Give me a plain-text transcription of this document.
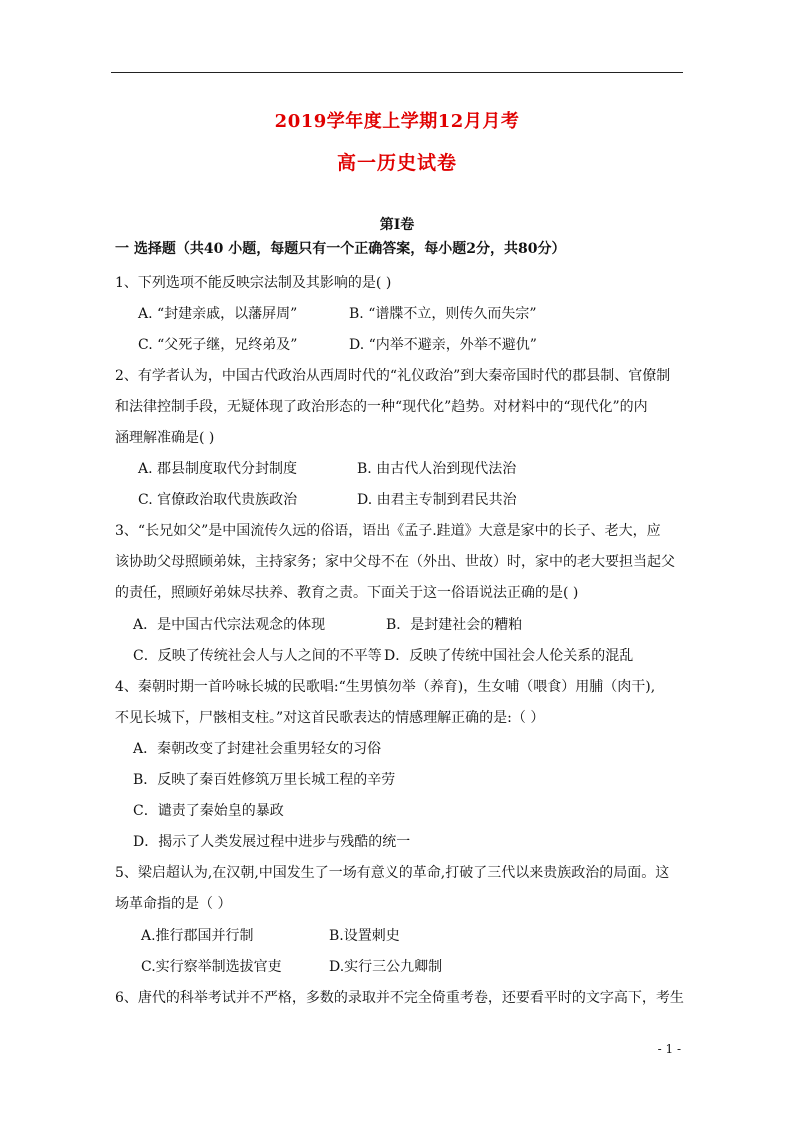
2019学年度上学期12月月考
高一历史试卷
第I卷
一 选择题（共40 小题，每题只有一个正确答案，每小题2分，共80分）
1、下列选项不能反映宗法制及其影响的是( )
A. “封建亲戚，以藩屏周”	B. “谱牒不立，则传久而失宗”
C. “父死子继，兄终弟及”	D. “内举不避亲，外举不避仇”
2、有学者认为，中国古代政治从西周时代的“礼仪政治”到大秦帝国时代的郡县制、官僚制
和法律控制手段，无疑体现了政治形态的一种“现代化”趋势。对材料中的“现代化”的内
涵理解准确是( )
A. 郡县制度取代分封制度	B. 由古代人治到现代法治
C. 官僚政治取代贵族政治	D. 由君主专制到君民共治
3、“长兄如父”是中国流传久远的俗语，语出《孟子.跬道》大意是家中的长子、老大，应
该协助父母照顾弟妹，主持家务；家中父母不在（外出、世故）时，家中的老大要担当起父
的责任，照顾好弟妹尽扶养、教育之责。下面关于这一俗语说法正确的是( )
A．是中国古代宗法观念的体现	B．是封建社会的糟粕
C．反映了传统社会人与人之间的不平等 D．反映了传统中国社会人伦关系的混乱
4、秦朝时期一首吟咏长城的民歌唱:“生男慎勿举（养育)，生女哺（喂食）用脯（肉干),
不见长城下，尸骸相支柱。”对这首民歌表达的情感理解正确的是:（ ）
A．秦朝改变了封建社会重男轻女的习俗
B．反映了秦百姓修筑万里长城工程的辛劳
C．谴责了秦始皇的暴政
D．揭示了人类发展过程中进步与残酷的统一
5、梁启超认为,在汉朝,中国发生了一场有意义的革命,打破了三代以来贵族政治的局面。这
场革命指的是（ ）
A.推行郡国并行制	B.设置刺史
C.实行察举制选拔官吏	D.实行三公九卿制
6、唐代的科举考试并不严格，多数的录取并不完全倚重考卷，还要看平时的文字高下，考生
- 1 -
